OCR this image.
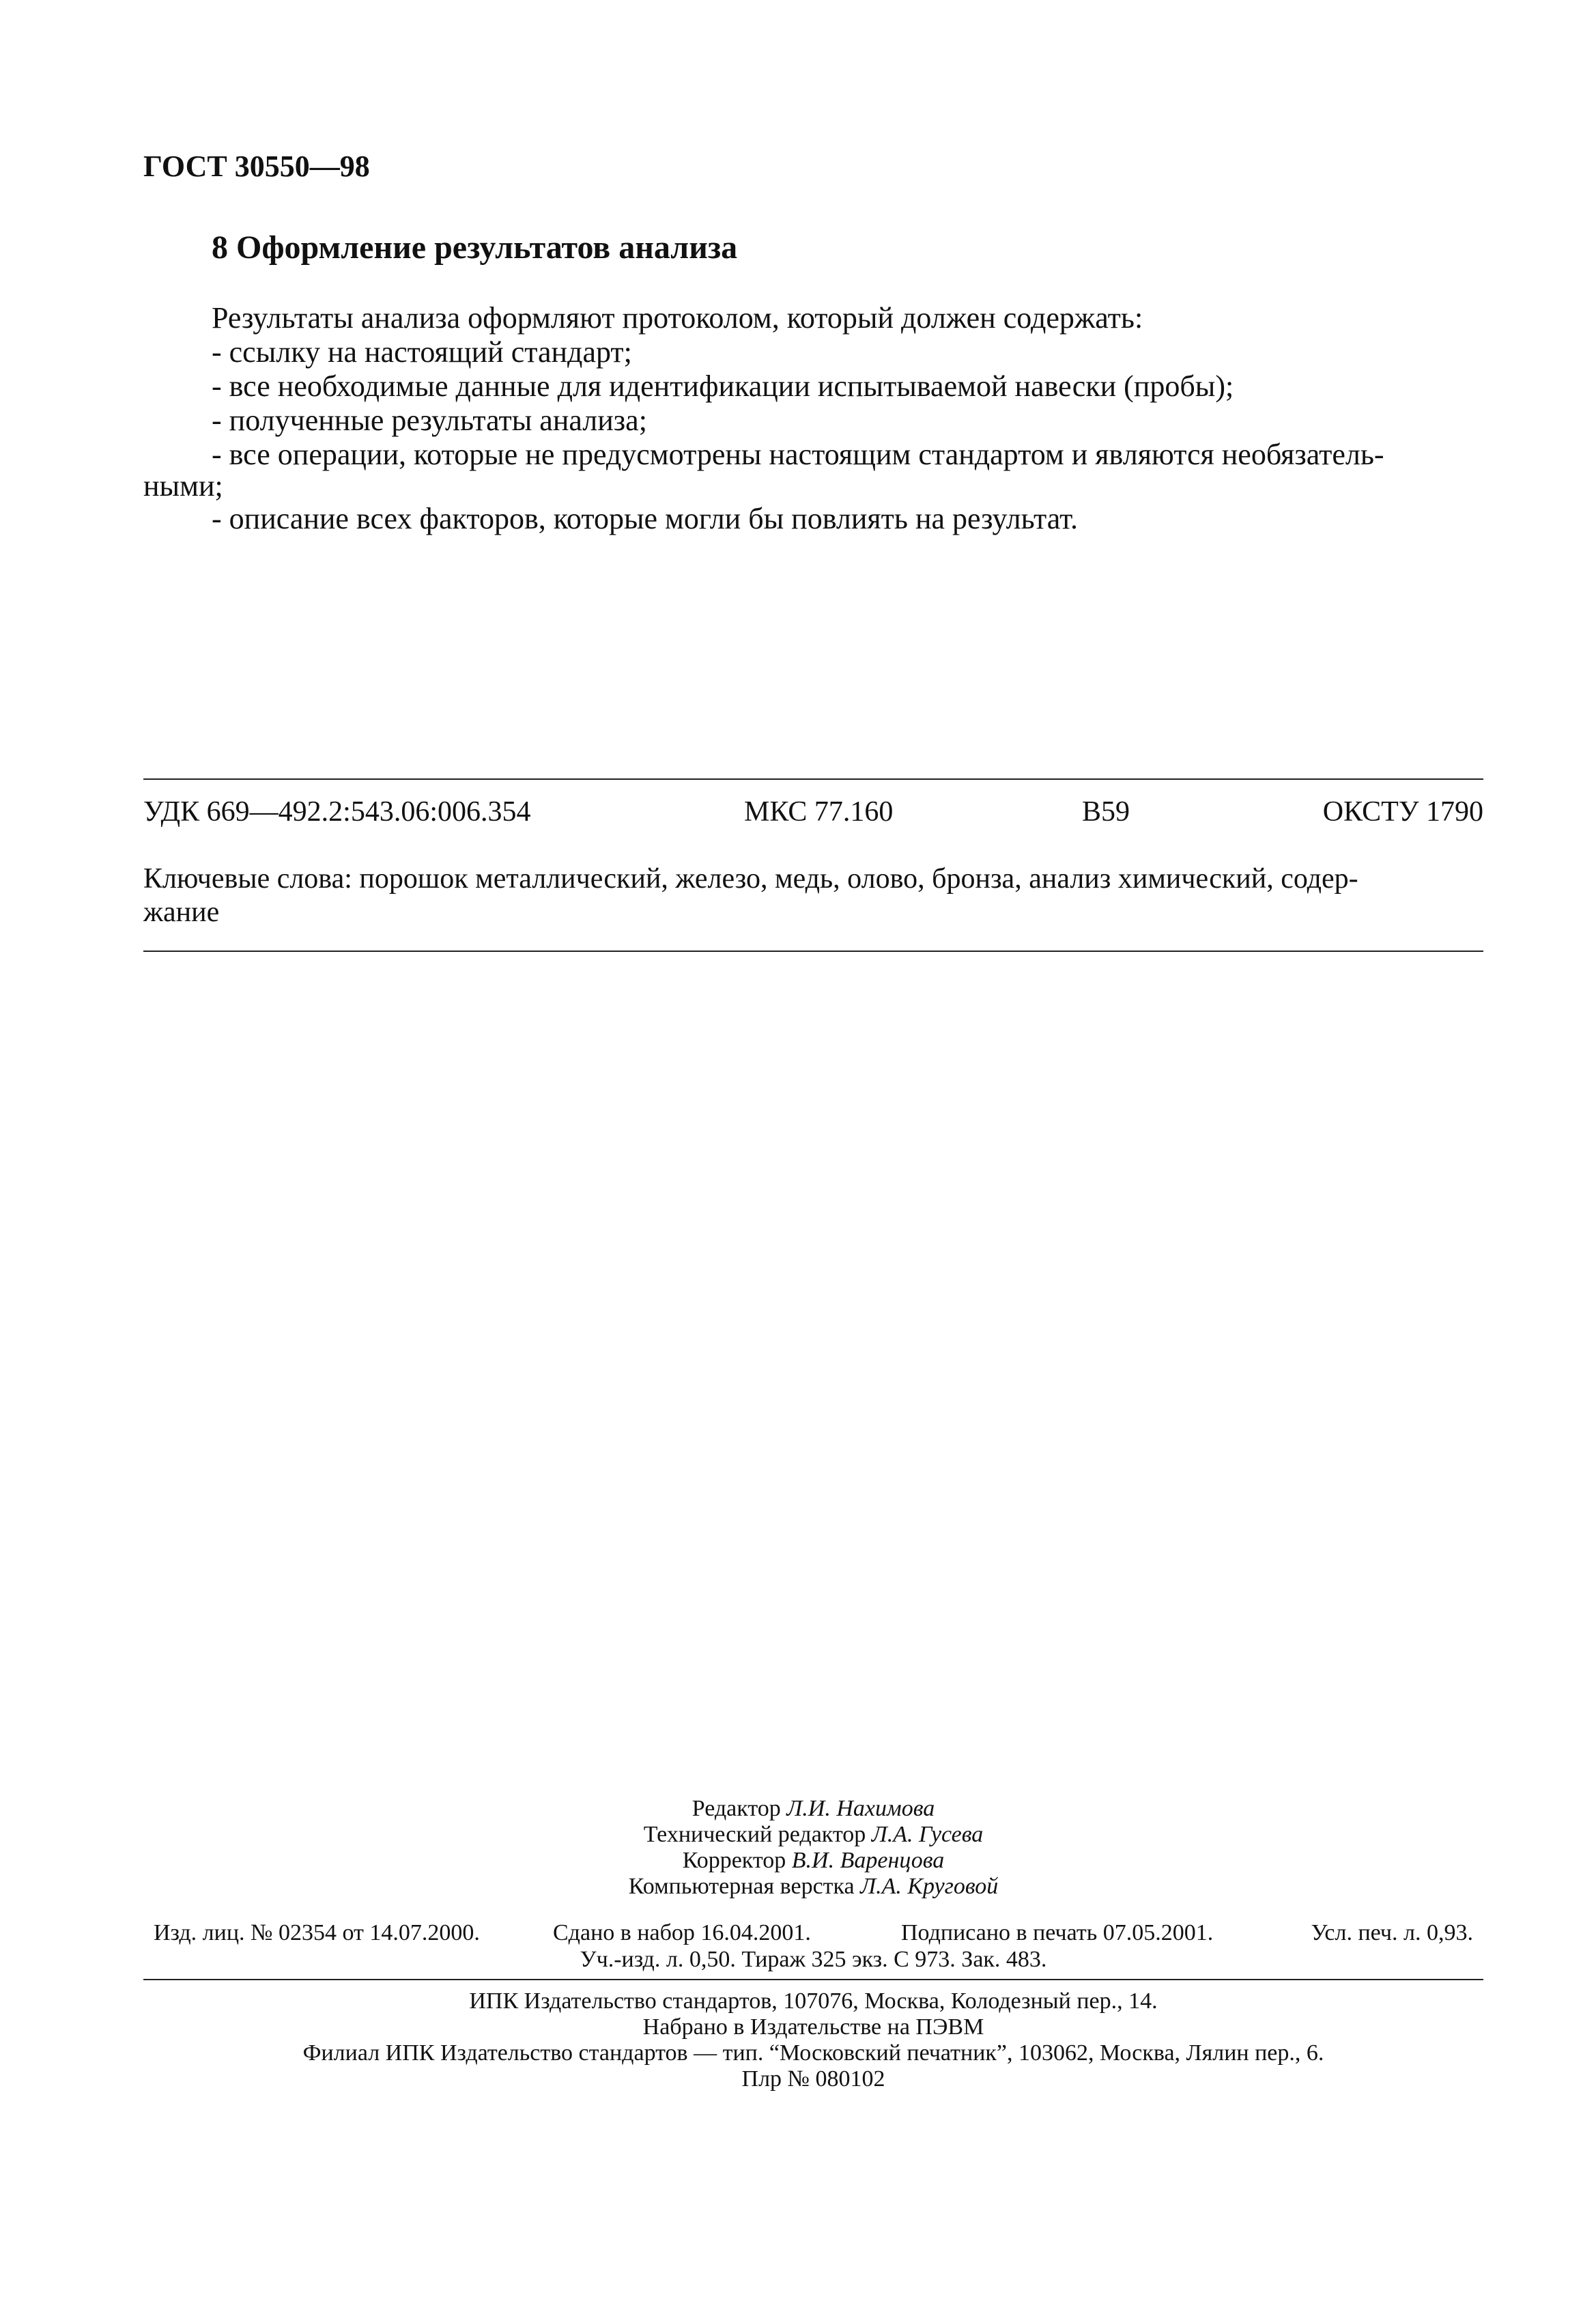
ГОСТ 30550—98
8 Оформление результатов анализа
Результаты анализа оформляют протоколом, который должен содержать:
- ссылку на настоящий стандарт;
- все необходимые данные для идентификации испытываемой навески (пробы);
- полученные результаты анализа;
- все операции, которые не предусмотрены настоящим стандартом и являются необязатель-
ными;
- описание всех факторов, которые могли бы повлиять на результат.
УДК 669—492.2:543.06:006.354	МКС 77.160	В59	ОКСТУ 1790
Ключевые слова: порошок металлический, железо, медь, олово, бронза, анализ химический, содер-
жание
Редактор Л.И. Нахимова
Технический редактор Л.А. Гусева
Корректор В.И. Варенцова
Компьютерная верстка Л.А. Круговой
Изд. лиц. № 02354 от 14.07.2000.	Сдано в набор 16.04.2001.	Подписано в печать 07.05.2001.	Усл. печ. л. 0,93.
Уч.-изд. л. 0,50. Тираж 325 экз. С 973. Зак. 483.
ИПК Издательство стандартов, 107076, Москва, Колодезный пер., 14.
Набрано в Издательстве на ПЭВМ
Филиал ИПК Издательство стандартов — тип. “Московский печатник”, 103062, Москва, Лялин пер., 6.
Плр № 080102
